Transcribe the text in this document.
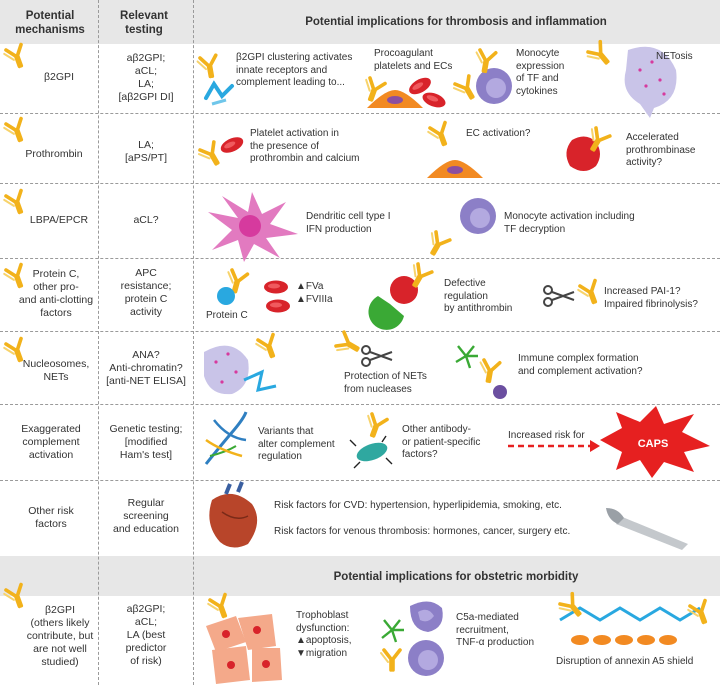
Potential mechanisms
Relevant testing
Potential implications for thrombosis and inflammation
Potential implications for obstetric morbidity
β2GPI
Prothrombin
LBPA/EPCR
Protein C,
other pro-
and anti-clotting
factors
Nucleosomes,
NETs
Exaggerated
complement
activation
Other risk
factors
β2GPI
(others likely
contribute, but
are not well
studied)
aβ2GPI;
aCL;
LA;
[aβ2GPI DI]
LA;
[aPS/PT]
aCL?
APC
resistance;
protein C
activity
ANA?
Anti-chromatin?
[anti-NET ELISA]
Genetic testing;
[modified
Ham's test]
Regular
screening
and education
aβ2GPI;
aCL;
LA (best
predictor
of risk)
β2GPI clustering activates
innate receptors and
complement leading to...
Procoagulant
platelets and ECs
Monocyte
expression
of TF and
cytokines
NETosis
Platelet activation in
the presence of
prothrombin and calcium
EC activation?	Accelerated
prothrombinase
activity?
Dendritic cell type I
IFN production
Monocyte activation including
TF decryption
Protein C
▲FVa
▲FVIIIa
Defective
regulation
by antithrombin
Increased PAI-1?
Impaired fibrinolysis?
Protection of NETs
from nucleases
Immune complex formation
and complement activation?
Variants that
alter complement
regulation
Other antibody-
or patient-specific
factors?
Increased risk for
CAPS
Risk factors for CVD: hypertension, hyperlipidemia, smoking, etc.
Risk factors for venous thrombosis: hormones, cancer, surgery etc.
Trophoblast
dysfunction:
▲apoptosis,
▼migration
C5a-mediated
recruitment,
TNF-α production
Disruption of annexin A5 shield
